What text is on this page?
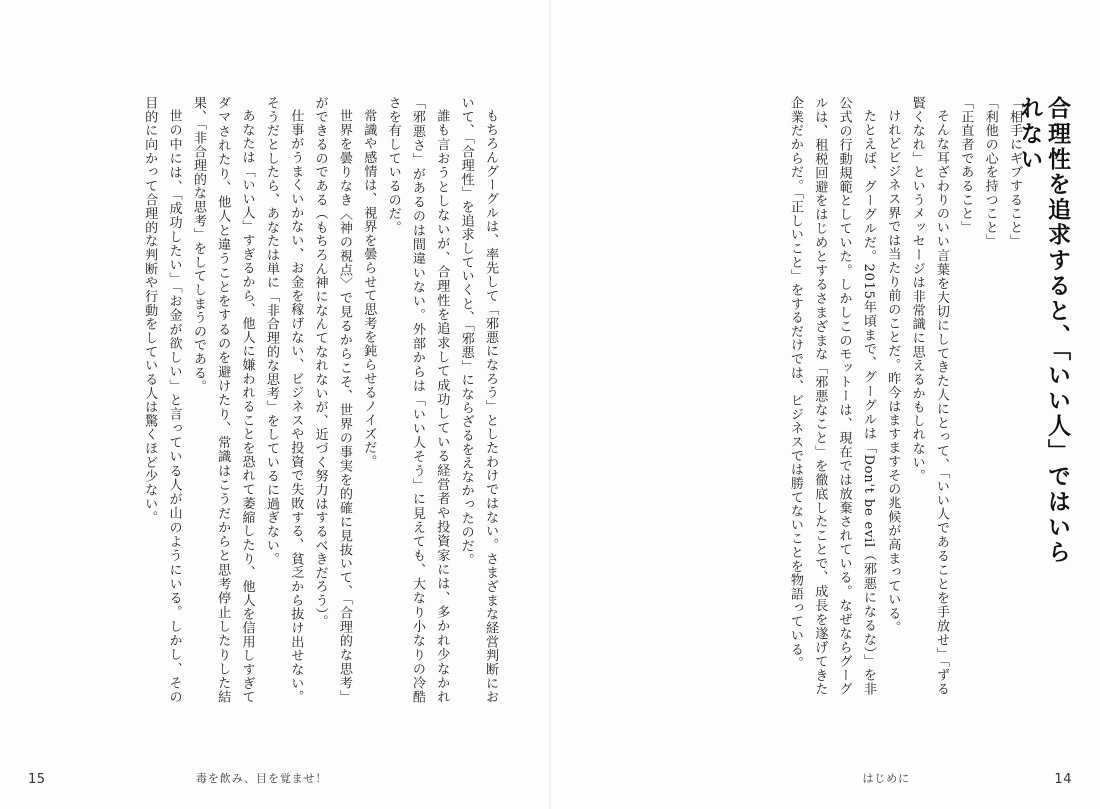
合理性を追求すると、「いい人」ではいられない

「相手にギブすること」

「利他の心を持つこと」

「正直者であること」

そんな耳ざわりのいい言葉を大切にしてきた人にとって、「いい人であることを手放せ」「ずる賢くなれ」というメッセージは非常識に思えるかもしれない。

けれどビジネス界では当たり前のことだ。昨今はますますその兆候が高まっている。

たとえば、グーグルだ。2015年頃まで、グーグルは「Don't be evil（邪悪になるな）」を非公式の行動規範としていた。しかしこのモットーは、現在では放棄されている。なぜならグーグルは、租税回避をはじめとするさまざまな「邪悪なこと」を徹底したことで、成長を遂げてきた企業だからだ。「正しいこと」をするだけでは、ビジネスでは勝てないことを物語っている。

14
はじめに

もちろんグーグルは、率先して「邪悪になろう」としたわけではない。さまざまな経営判断において、「合理性」を追求していくと、「邪悪」にならざるをえなかったのだ。

誰も言おうとしないが、合理性を追求して成功している経営者や投資家には、多かれ少なかれ「邪悪さ」があるのは間違いない。外部からは「いい人そう」に見えても、大なり小なりの冷酷さを有しているのだ。

常識や感情は、視界を曇らせて思考を鈍らせるノイズだ。

世界を曇りなき〈神の視点〉で見るからこそ、世界の事実を的確に見抜いて、「合理的な思考」ができるのである（もちろん神になんてなれないが、近づく努力はするべきだろう）。

仕事がうまくいかない、お金を稼げない、ビジネスや投資で失敗する、貧乏から抜け出せない。そうだとしたら、あなたは単に「非合理的な思考」をしているに過ぎない。

あなたは「いい人」すぎるから、他人に嫌われることを恐れて萎縮したり、他人を信用しすぎてダマされたり、他人と違うことをするのを避けたり、常識はこうだからと思考停止したりした結果、「非合理的な思考」をしてしまうのである。

世の中には、「成功したい」「お金が欲しい」と言っている人が山のようにいる。しかし、その目的に向かって合理的な判断や行動をしている人は驚くほど少ない。

15	毒を飲み、目を覚ませ！
